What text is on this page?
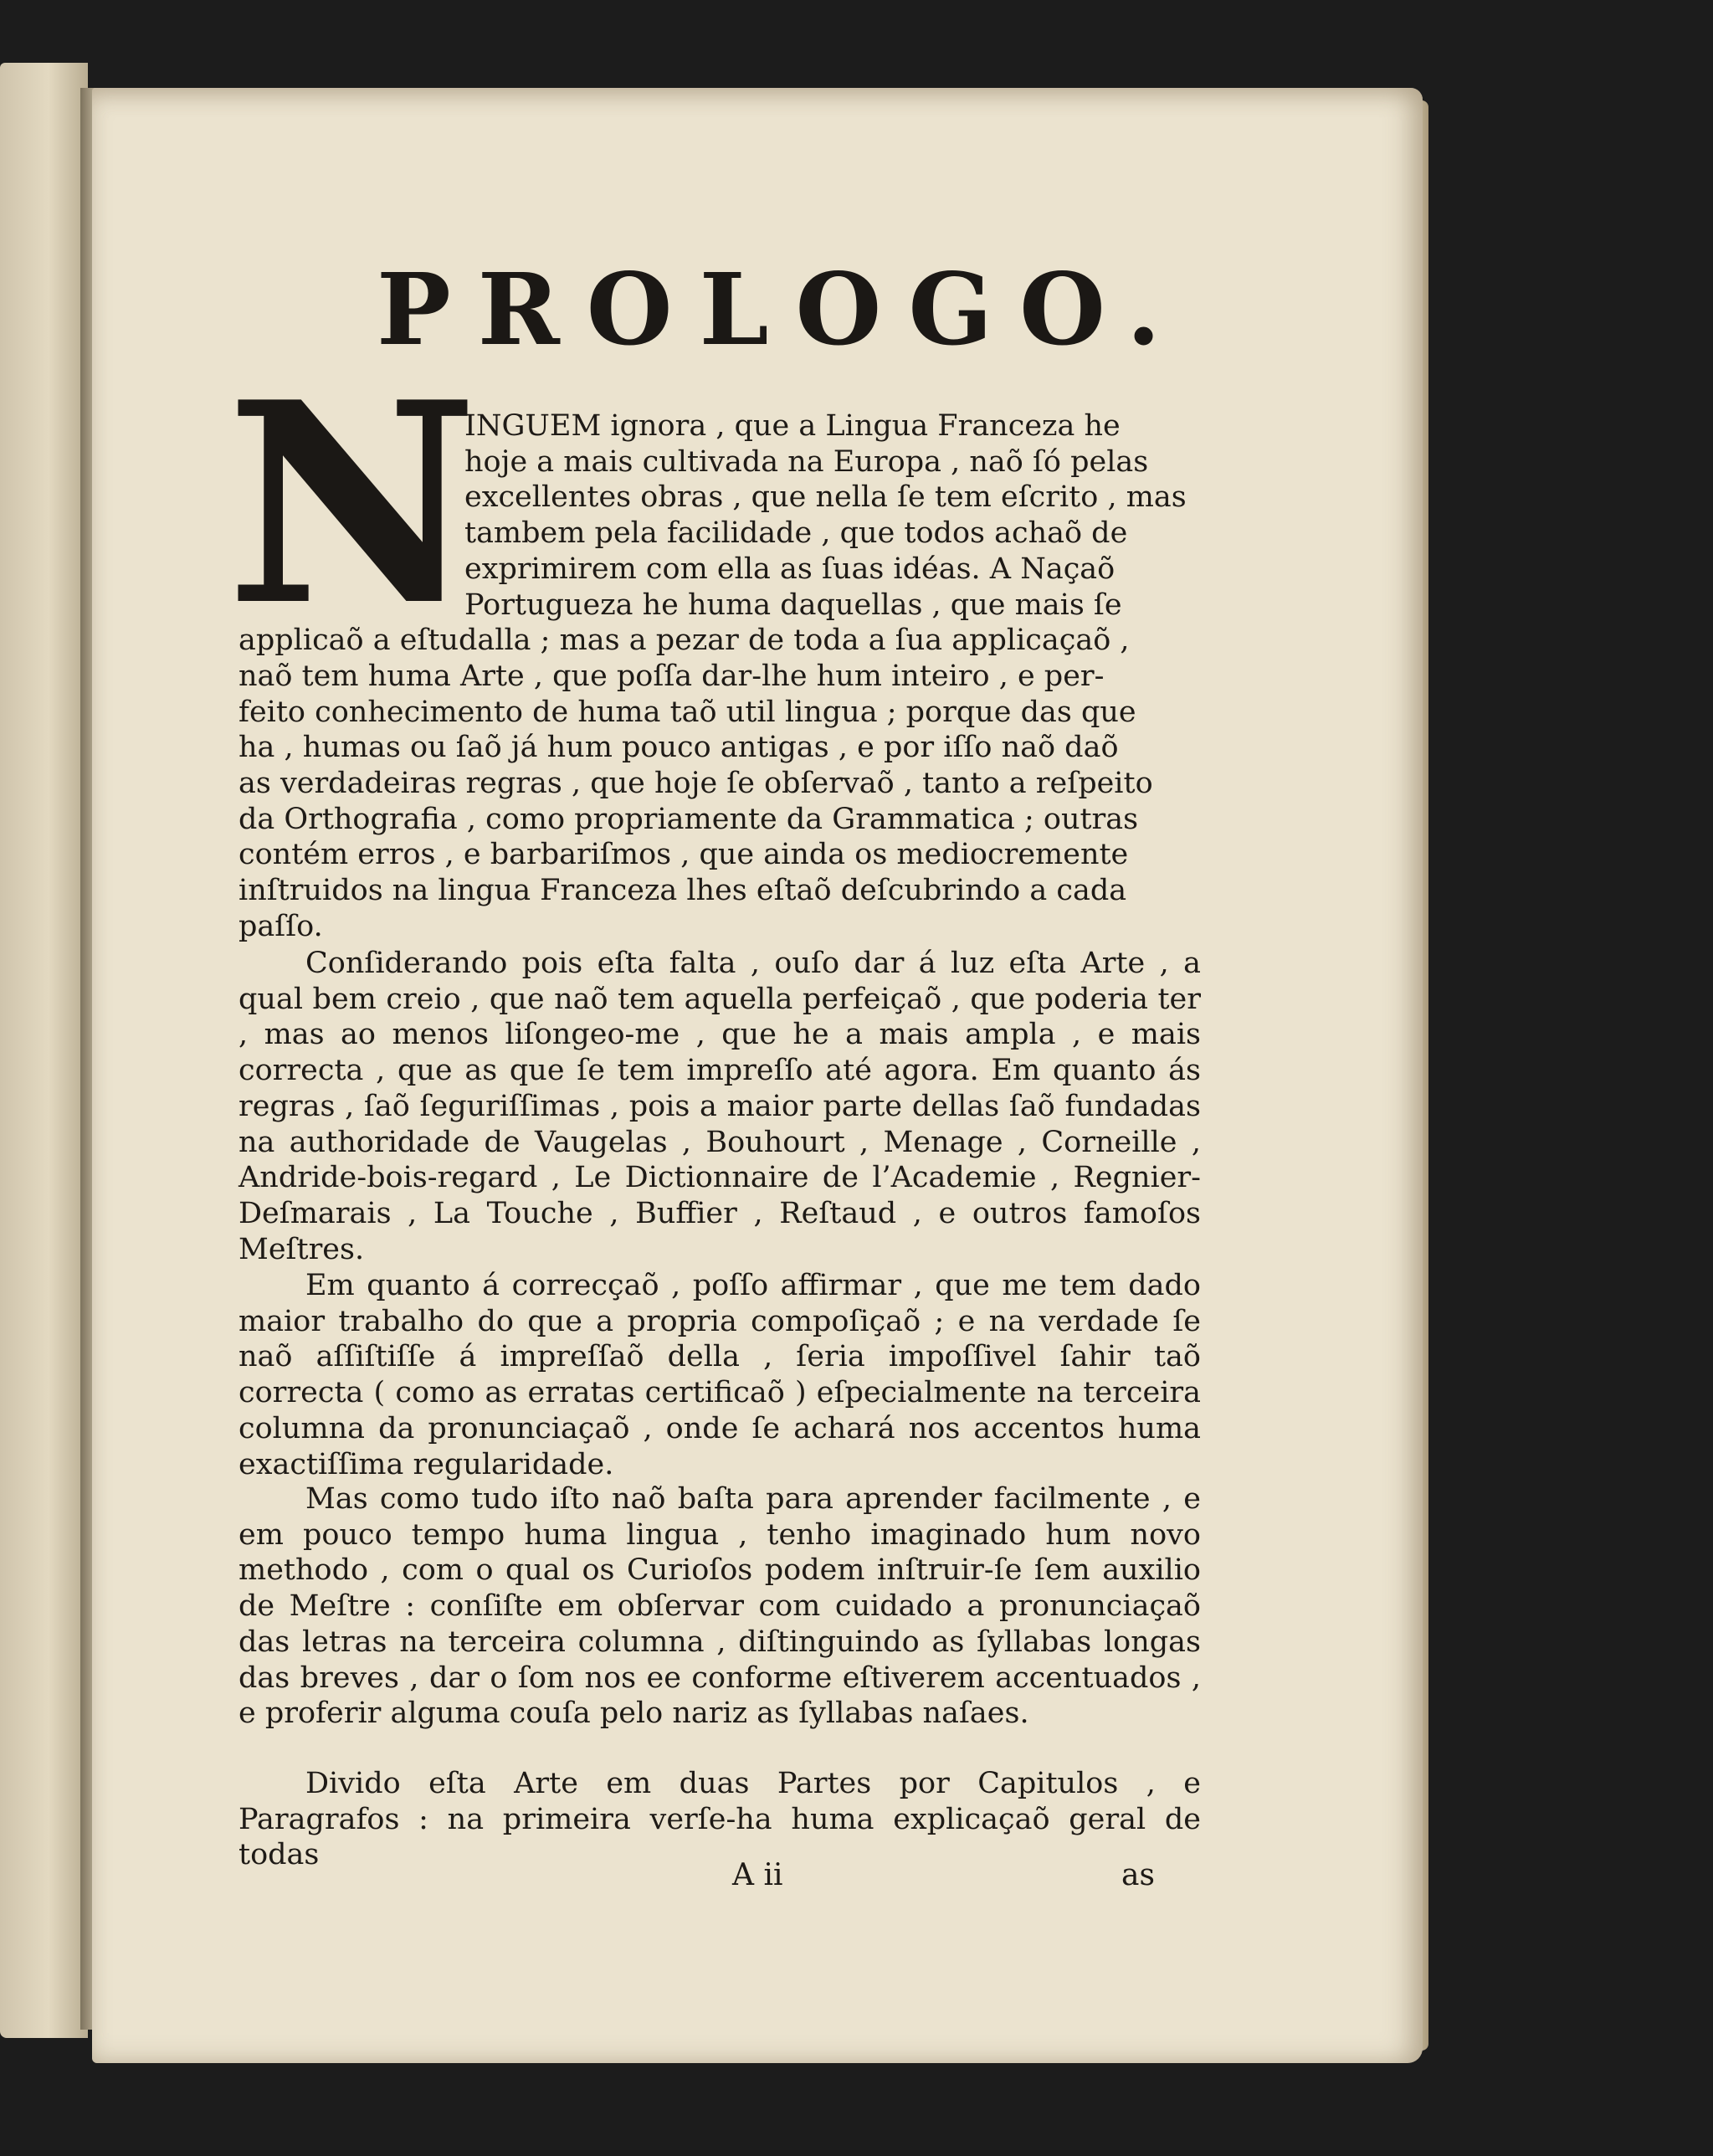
PROLOGO.
N
INGUEM ignora , que a Lingua Franceza he
hoje a mais cultivada na Europa , naõ ſó pelas
excellentes obras , que nella ſe tem eſcrito , mas
tambem pela facilidade , que todos achaõ de
exprimirem com ella as ſuas idéas. A Naçaõ
Portugueza he huma daquellas , que mais ſe
applicaõ a eſtudalla ; mas a pezar de toda a ſua applicaçaõ ,
naõ tem huma Arte , que poſſa dar-lhe hum inteiro , e per-
feito conhecimento de huma taõ util lingua ; porque das que
ha , humas ou ſaõ já hum pouco antigas , e por iſſo naõ daõ
as verdadeiras regras , que hoje ſe obſervaõ , tanto a reſpeito
da Orthografia , como propriamente da Grammatica ; outras
contém erros , e barbariſmos , que ainda os mediocremente
inſtruidos na lingua Franceza lhes eſtaõ deſcubrindo a cada
paſſo.
Conſiderando pois eſta falta , ouſo dar á luz eſta Arte , a qual bem creio , que naõ tem aquella perfeiçaõ , que poderia ter , mas ao menos liſongeo-me , que he a mais ampla , e mais correcta , que as que ſe tem impreſſo até agora. Em quanto ás regras , ſaõ ſeguriſſimas , pois a maior parte dellas ſaõ fundadas na authoridade de Vaugelas , Bouhourt , Menage , Corneille , Andride-bois-regard , Le Dictionnaire de l’Academie , Regnier-Deſmarais , La Touche , Buffier , Reſtaud , e outros famoſos Meſtres.
Em quanto á correcçaõ , poſſo affirmar , que me tem dado maior trabalho do que a propria compoſiçaõ ; e na verdade ſe naõ aſſiſtiſſe á impreſſaõ della , ſeria impoſſivel ſahir taõ correcta ( como as erratas certificaõ ) eſpecialmente na terceira columna da pronunciaçaõ , onde ſe achará nos accentos huma exactiſſima regularidade.
Mas como tudo iſto naõ baſta para aprender facilmente , e em pouco tempo huma lingua , tenho imaginado hum novo methodo , com o qual os Curioſos podem inſtruir-ſe ſem auxilio de Meſtre : conſiſte em obſervar com cuidado a pronunciaçaõ das letras na terceira columna , diſtinguindo as ſyllabas longas das breves , dar o ſom nos ee conforme eſtiverem accentuados , e proferir alguma couſa pelo nariz as ſyllabas naſaes.
Divido eſta Arte em duas Partes por Capitulos , e Paragrafos : na primeira verſe-ha huma explicaçaõ geral de todas
A ii	as
